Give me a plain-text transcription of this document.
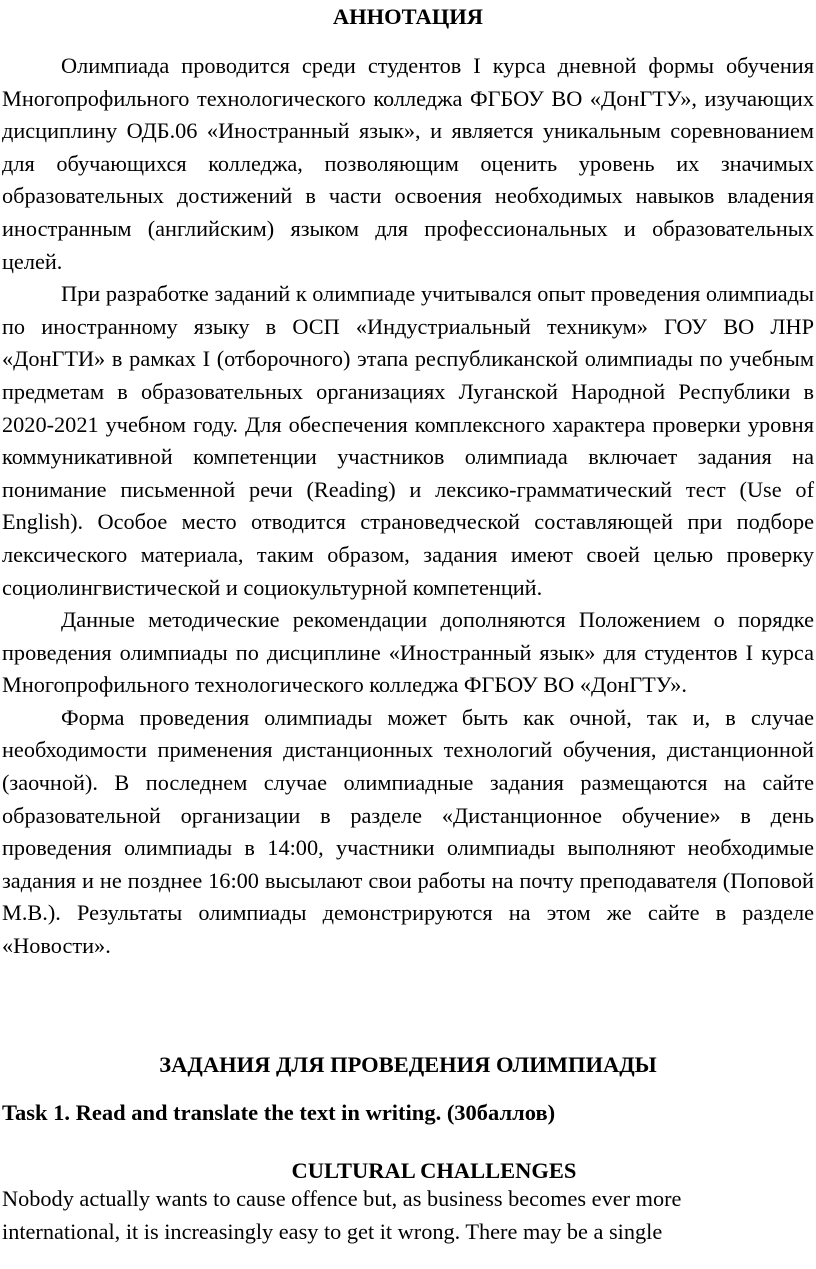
АННОТАЦИЯ

Олимпиада проводится среди студентов I курса дневной формы обучения Многопрофильного технологического колледжа ФГБОУ ВО «ДонГТУ», изучающих дисциплину ОДБ.06 «Иностранный язык», и является уникальным соревнованием для обучающихся колледжа, позволяющим оценить уровень их значимых образовательных достижений в части освоения необходимых навыков владения иностранным (английским) языком для профессиональных и образовательных целей.

При разработке заданий к олимпиаде учитывался опыт проведения олимпиады по иностранному языку в ОСП «Индустриальный техникум» ГОУ ВО ЛНР «ДонГТИ» в рамках I (отборочного) этапа республиканской олимпиады по учебным предметам в образовательных организациях Луганской Народной Республики в 2020-2021 учебном году. Для обеспечения комплексного характера проверки уровня коммуникативной компетенции участников олимпиада включает задания на понимание письменной речи (Reading) и лексико-грамматический тест (Use of English). Особое место отводится страноведческой составляющей при подборе лексического материала, таким образом, задания имеют своей целью проверку социолингвистической и социокультурной компетенций.

Данные методические рекомендации дополняются Положением о порядке проведения олимпиады по дисциплине «Иностранный язык» для студентов I курса Многопрофильного технологического колледжа ФГБОУ ВО «ДонГТУ».

Форма проведения олимпиады может быть как очной, так и, в случае необходимости применения дистанционных технологий обучения, дистанционной (заочной). В последнем случае олимпиадные задания размещаются на сайте образовательной организации в разделе «Дистанционное обучение» в день проведения олимпиады в 14:00, участники олимпиады выполняют необходимые задания и не позднее 16:00 высылают свои работы на почту преподавателя (Поповой М.В.). Результаты олимпиады демонстрируются на этом же сайте в разделе «Новости».

ЗАДАНИЯ ДЛЯ ПРОВЕДЕНИЯ ОЛИМПИАДЫ

Task 1. Read and translate the text in writing. (30баллов)

CULTURAL CHALLENGES

Nobody actually wants to cause offence but, as business becomes ever more international, it is increasingly easy to get it wrong. There may be a single
